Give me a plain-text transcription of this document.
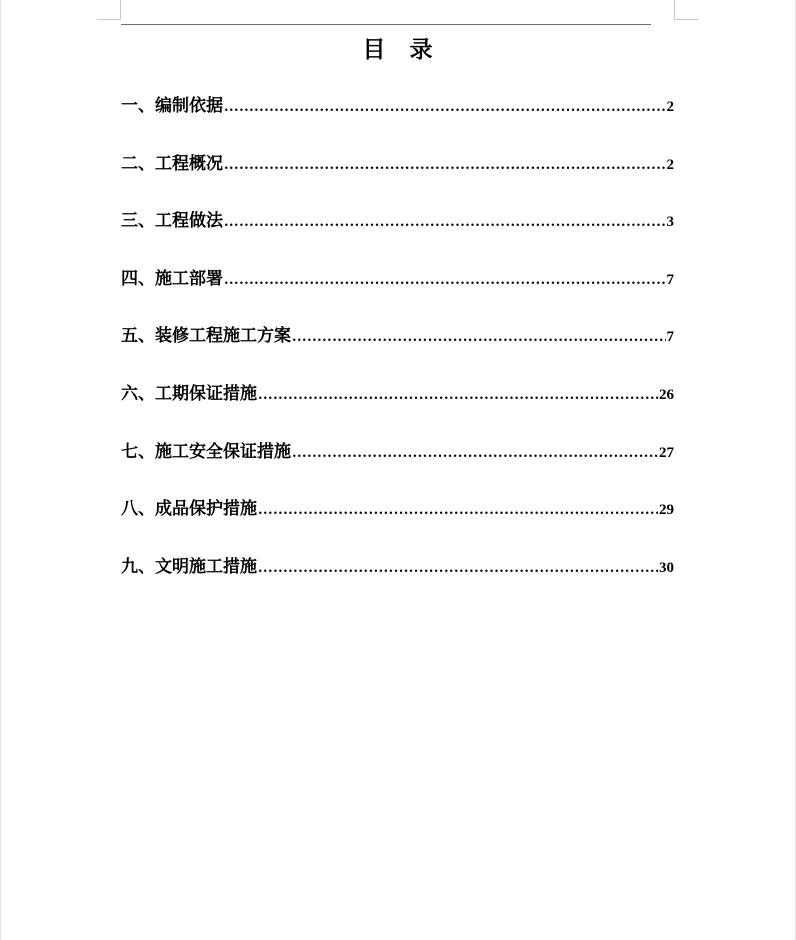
目 录
一、编制依据 .....	2
二、工程概况 .....	2
三、工程做法 .....	3
四、施工部署 .....	7
五、装修工程施工方案 .....	7
六、工期保证措施 .....	26
七、施工安全保证措施 .....	27
八、成品保护措施 .....	29
九、文明施工措施 .....	30
